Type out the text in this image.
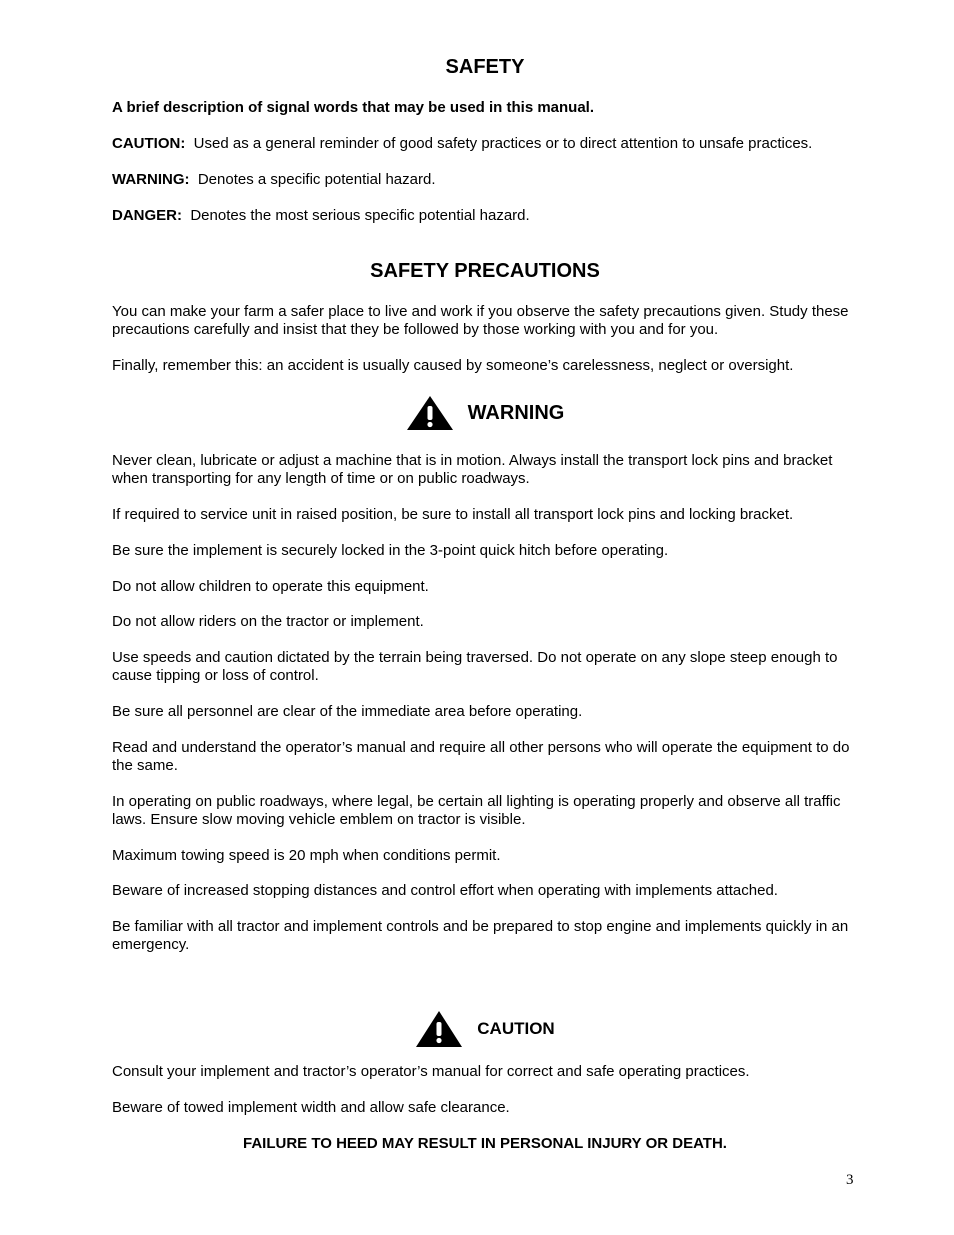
SAFETY

A brief description of signal words that may be used in this manual.

CAUTION: Used as a general reminder of good safety practices or to direct attention to unsafe practices.

WARNING: Denotes a specific potential hazard.

DANGER: Denotes the most serious specific potential hazard.

SAFETY PRECAUTIONS

You can make your farm a safer place to live and work if you observe the safety precautions given. Study these precautions carefully and insist that they be followed by those working with you and for you.

Finally, remember this: an accident is usually caused by someone’s carelessness, neglect or oversight.

WARNING

Never clean, lubricate or adjust a machine that is in motion. Always install the transport lock pins and bracket when transporting for any length of time or on public roadways.

If required to service unit in raised position, be sure to install all transport lock pins and locking bracket.

Be sure the implement is securely locked in the 3-point quick hitch before operating.

Do not allow children to operate this equipment.

Do not allow riders on the tractor or implement.

Use speeds and caution dictated by the terrain being traversed. Do not operate on any slope steep enough to cause tipping or loss of control.

Be sure all personnel are clear of the immediate area before operating.

Read and understand the operator’s manual and require all other persons who will operate the equipment to do the same.

In operating on public roadways, where legal, be certain all lighting is operating properly and observe all traffic laws. Ensure slow moving vehicle emblem on tractor is visible.

Maximum towing speed is 20 mph when conditions permit.

Beware of increased stopping distances and control effort when operating with implements attached.

Be familiar with all tractor and implement controls and be prepared to stop engine and implements quickly in an emergency.

CAUTION

Consult your implement and tractor’s operator’s manual for correct and safe operating practices.

Beware of towed implement width and allow safe clearance.

FAILURE TO HEED MAY RESULT IN PERSONAL INJURY OR DEATH.

3
